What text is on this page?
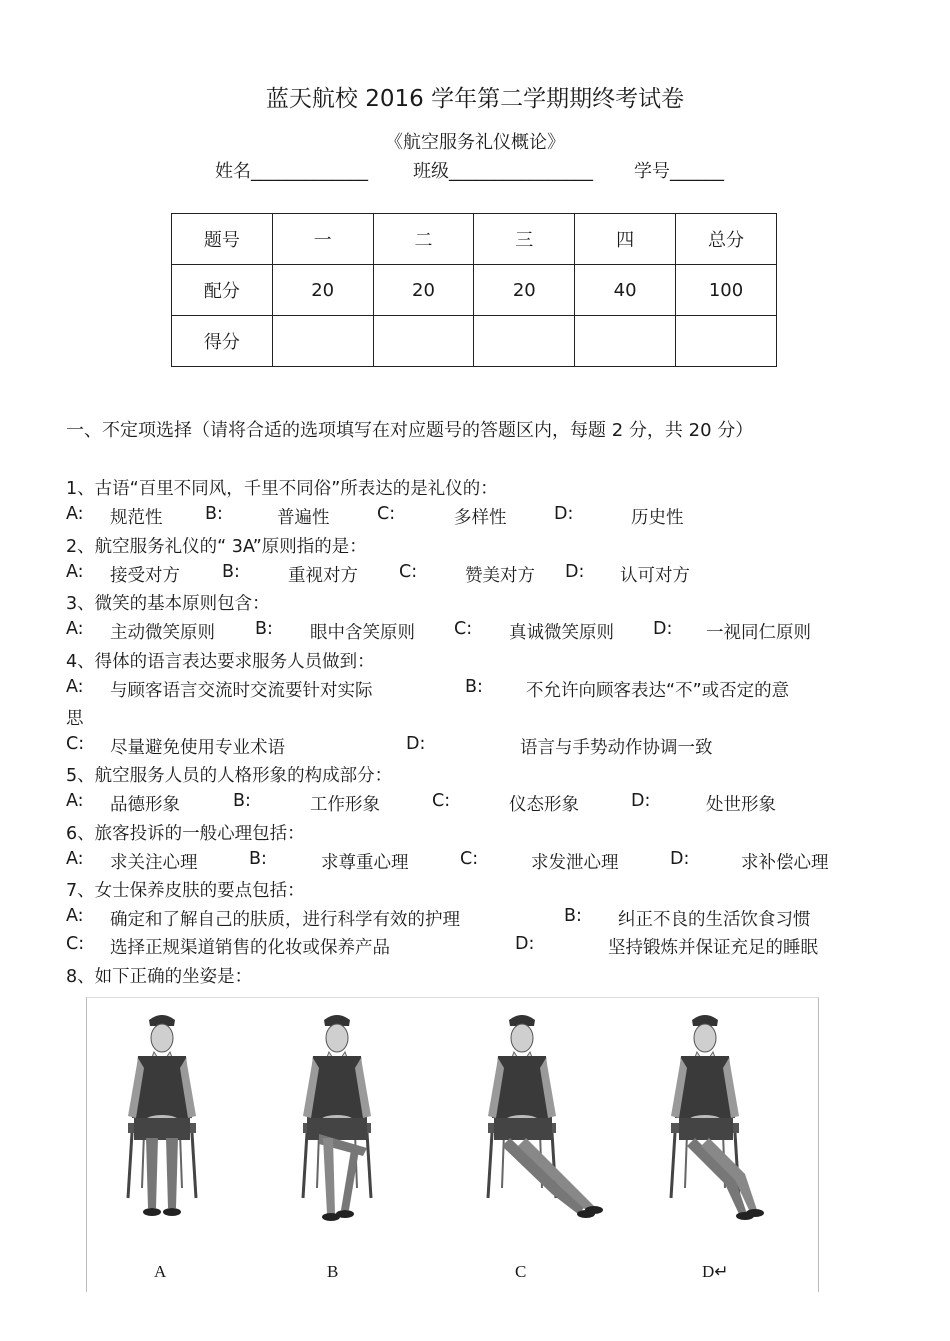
蓝天航校 2016 学年第二学期期终考试卷
《航空服务礼仪概论》
姓名_____________	班级________________ 学号______
题号	一	二	三	四	总分
配分	20	20	20	40	100
得分					
一、不定项选择（请将合适的选项填写在对应题号的答题区内，每题 2 分，共 20 分）
1、古语“百里不同风，千里不同俗”所表达的是礼仪的：
A: 规范性 B:	普遍性	C:	多样性	D:	历史性
2、航空服务礼仪的“ 3A”原则指的是：
A: 接受对方 B:	重视对方 C:	赞美对方 D: 认可对方
3、微笑的基本原则包含：
A: 主动微笑原则 B: 眼中含笑原则 C: 真诚微笑原则 D: 一视同仁原则
4、得体的语言表达要求服务人员做到：
A: 与顾客语言交流时交流要针对实际	B: 不允许向顾客表达“不”或否定的意
思
C: 尽量避免使用专业术语	D:	语言与手势动作协调一致
5、航空服务人员的人格形象的构成部分：
A: 品德形象	B:	工作形象	C:	仪态形象	D:	处世形象
6、旅客投诉的一般心理包括：
A: 求关注心理	B:	求尊重心理	C:	求发泄心理	D:	求补偿心理
7、女士保养皮肤的要点包括：
A: 确定和了解自己的肤质，进行科学有效的护理	B: 纠正不良的生活饮食习惯
C: 选择正规渠道销售的化妆或保养产品	D:	坚持锻炼并保证充足的睡眠
8、如下正确的坐姿是：
A	B	C	D↵
